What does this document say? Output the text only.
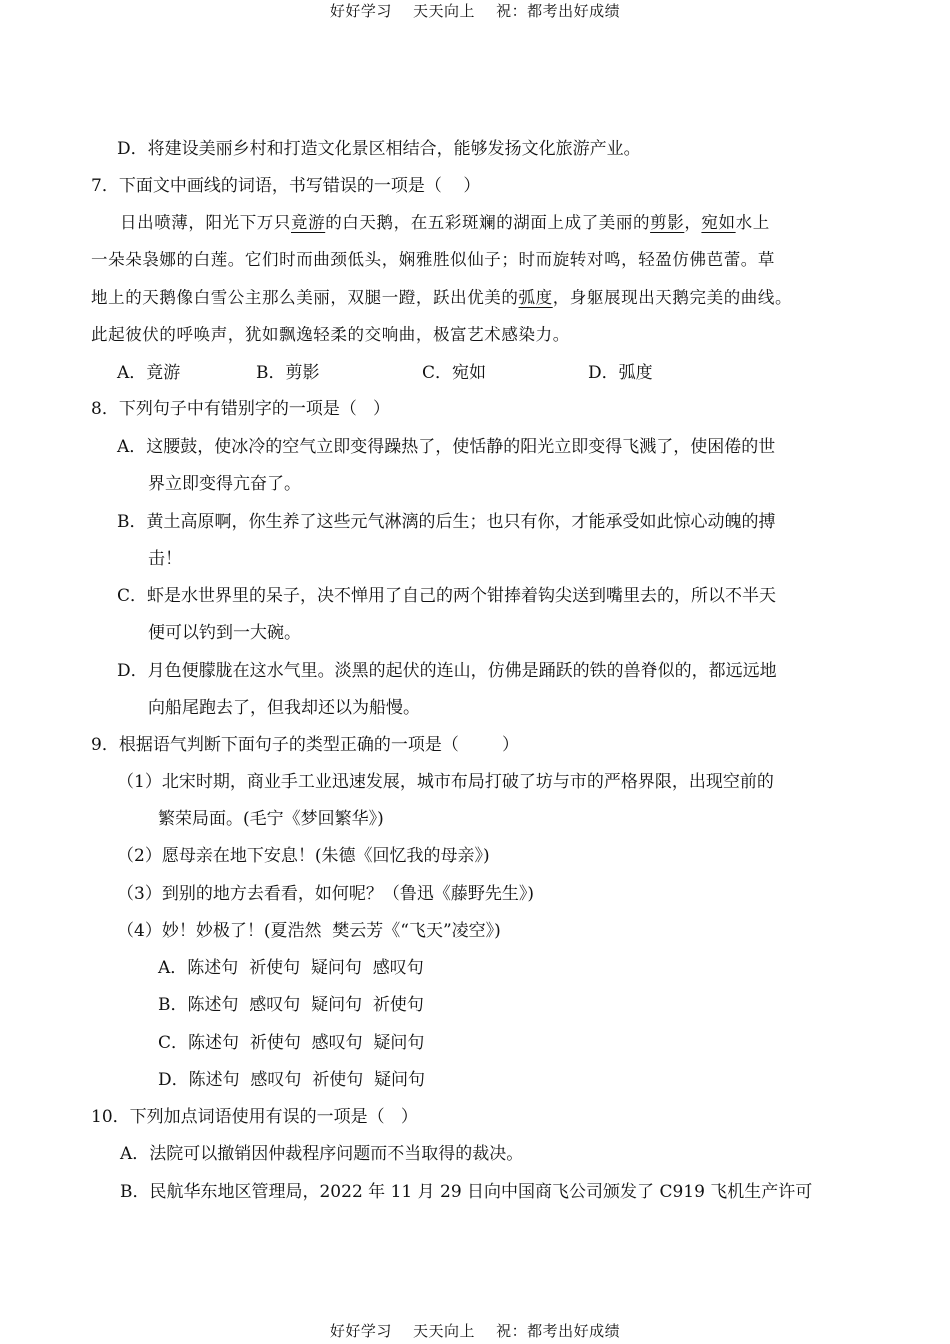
好好学习    天天向上    祝：都考出好成绩
D．将建设美丽乡村和打造文化景区相结合，能够发扬文化旅游产业。
7．下面文中画线的词语，书写错误的一项是（    ）
日出喷薄，阳光下万只竟游的白天鹅，在五彩斑斓的湖面上成了美丽的剪影，宛如水上
一朵朵袅娜的白莲。它们时而曲颈低头，娴雅胜似仙子；时而旋转对鸣，轻盈仿佛芭蕾。草
地上的天鹅像白雪公主那么美丽，双腿一蹬，跃出优美的弧度，身躯展现出天鹅完美的曲线。
此起彼伏的呼唤声，犹如飘逸轻柔的交响曲，极富艺术感染力。
A．竟游	B．剪影	C．宛如	D．弧度
8．下列句子中有错别字的一项是（   ）
A．这腰鼓，使冰冷的空气立即变得躁热了，使恬静的阳光立即变得飞溅了，使困倦的世
界立即变得亢奋了。
B．黄土高原啊，你生养了这些元气淋漓的后生；也只有你，才能承受如此惊心动魄的搏
击！
C．虾是水世界里的呆子，决不惮用了自己的两个钳捧着钩尖送到嘴里去的，所以不半天
便可以钓到一大碗。
D．月色便朦胧在这水气里。淡黑的起伏的连山，仿佛是踊跃的铁的兽脊似的，都远远地
向船尾跑去了，但我却还以为船慢。
9．根据语气判断下面句子的类型正确的一项是（        ）
（1）北宋时期，商业手工业迅速发展，城市布局打破了坊与市的严格界限，出现空前的
繁荣局面。(毛宁《梦回繁华》)
（2）愿母亲在地下安息！(朱德《回忆我的母亲》)
（3）到别的地方去看看，如何呢？（鲁迅《藤野先生》)
（4）妙！妙极了！(夏浩然  樊云芳《“飞天”凌空》)
A．陈述句  祈使句  疑问句  感叹句
B．陈述句  感叹句  疑问句  祈使句
C．陈述句  祈使句  感叹句  疑问句
D．陈述句  感叹句  祈使句  疑问句
10．下列加点词语使用有误的一项是（   ）
A．法院可以撤销因仲裁程序问题而不当取得的裁决。
B．民航华东地区管理局，2022 年 11 月 29 日向中国商飞公司颁发了 C919 飞机生产许可
好好学习    天天向上    祝：都考出好成绩
